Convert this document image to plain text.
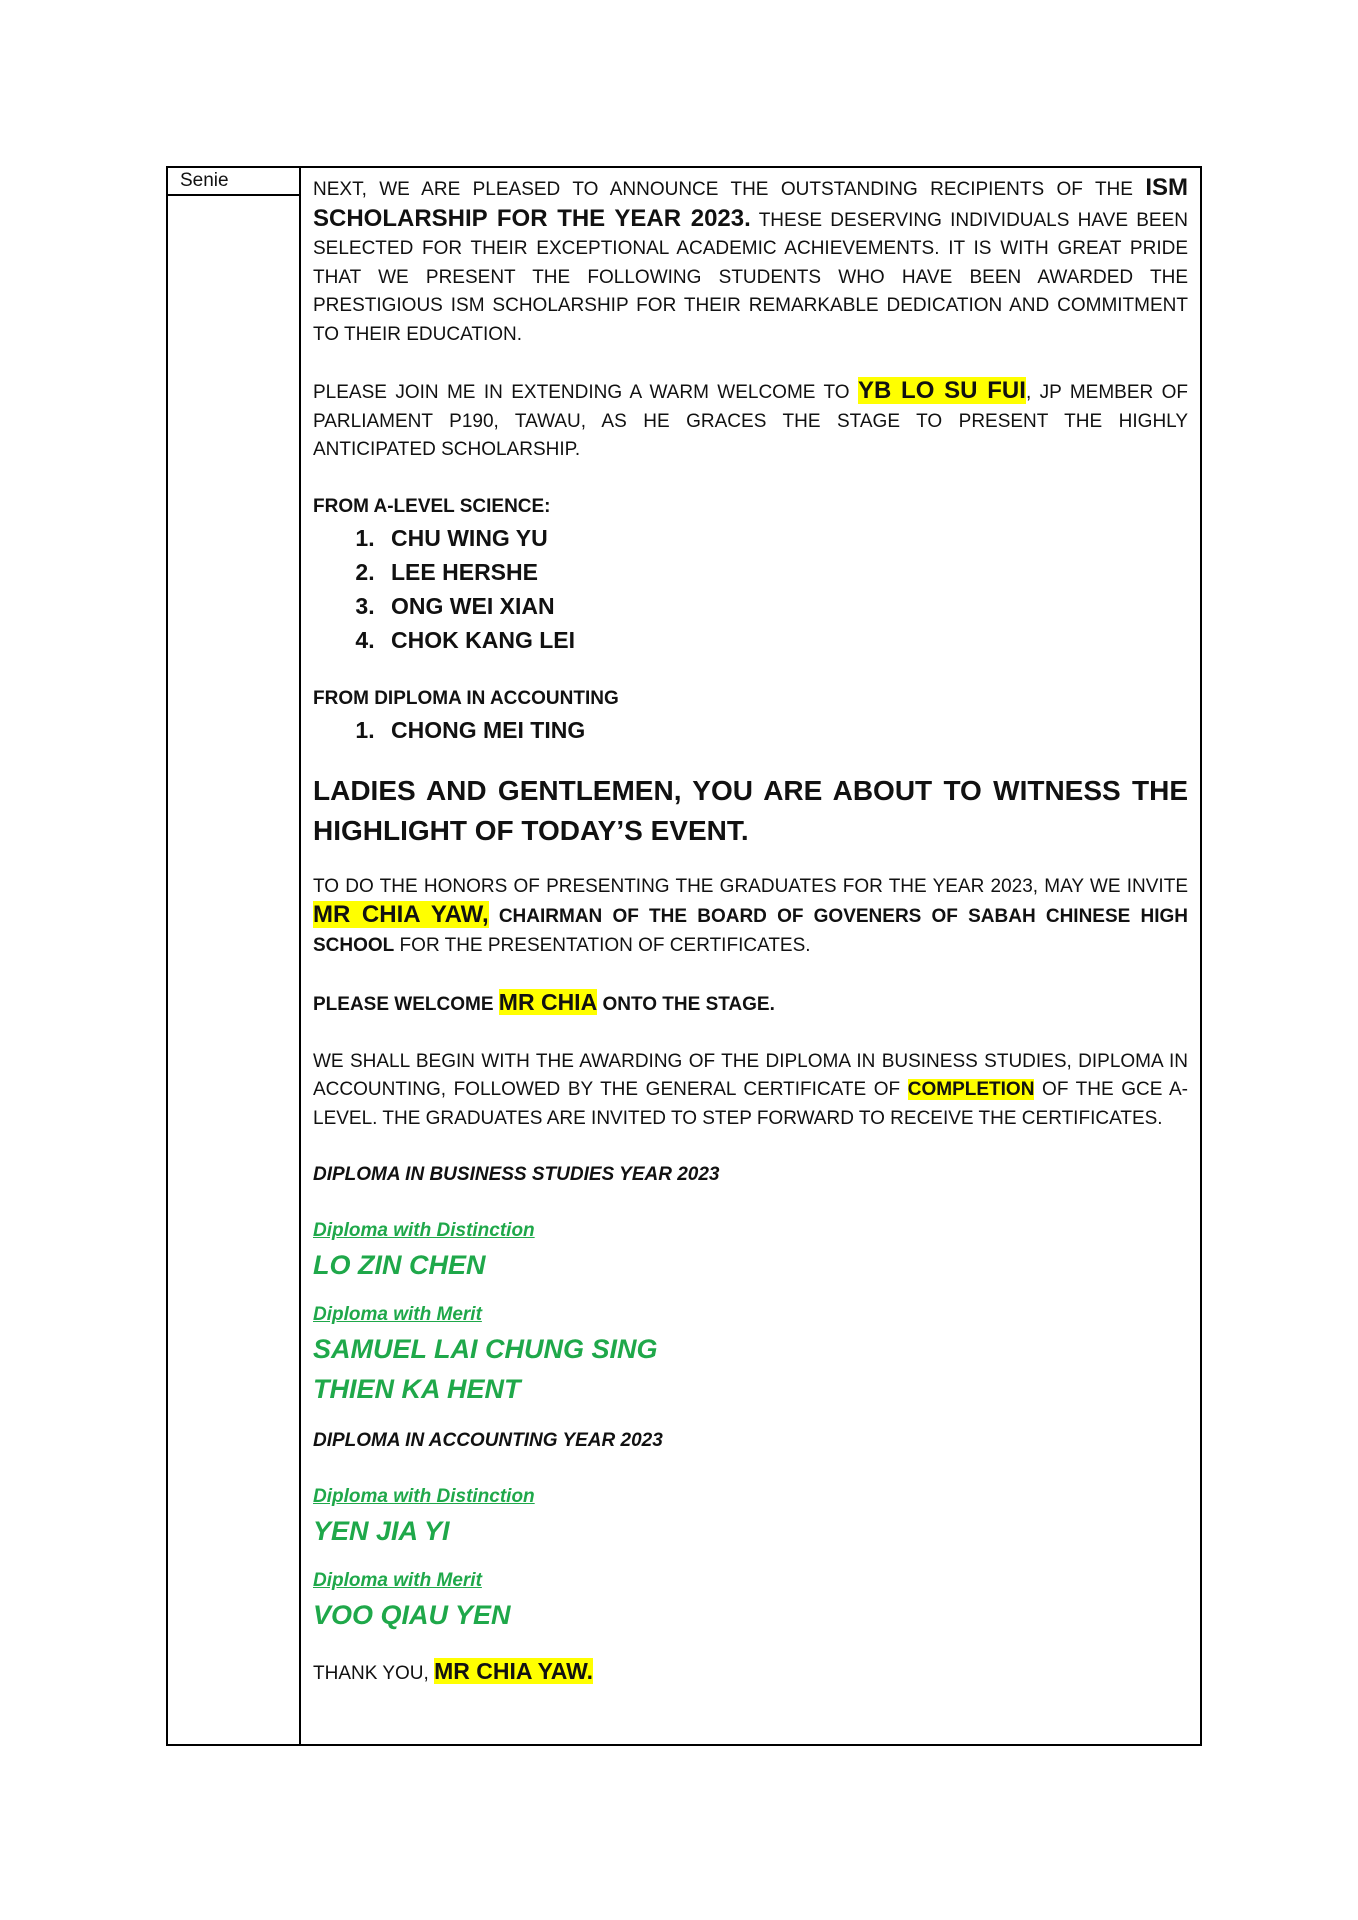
Senie	NEXT, WE ARE PLEASED TO ANNOUNCE THE OUTSTANDING RECIPIENTS OF THE ISM SCHOLARSHIP FOR THE YEAR 2023. THESE DESERVING INDIVIDUALS HAVE BEEN SELECTED FOR THEIR EXCEPTIONAL ACADEMIC ACHIEVEMENTS. IT IS WITH GREAT PRIDE THAT WE PRESENT THE FOLLOWING STUDENTS WHO HAVE BEEN AWARDED THE PRESTIGIOUS ISM SCHOLARSHIP FOR THEIR REMARKABLE DEDICATION AND COMMITMENT TO THEIR EDUCATION.

PLEASE JOIN ME IN EXTENDING A WARM WELCOME TO YB LO SU FUI, JP MEMBER OF PARLIAMENT P190, TAWAU, AS HE GRACES THE STAGE TO PRESENT THE HIGHLY ANTICIPATED SCHOLARSHIP.

FROM A-LEVEL SCIENCE:
1. CHU WING YU
2. LEE HERSHE
3. ONG WEI XIAN
4. CHOK KANG LEI
FROM DIPLOMA IN ACCOUNTING
1. CHONG MEI TING
LADIES AND GENTLEMEN, YOU ARE ABOUT TO WITNESS THE HIGHLIGHT OF TODAY’S EVENT.

TO DO THE HONORS OF PRESENTING THE GRADUATES FOR THE YEAR 2023, MAY WE INVITE MR CHIA YAW, CHAIRMAN OF THE BOARD OF GOVENERS OF SABAH CHINESE HIGH SCHOOL FOR THE PRESENTATION OF CERTIFICATES.

PLEASE WELCOME MR CHIA ONTO THE STAGE.

WE SHALL BEGIN WITH THE AWARDING OF THE DIPLOMA IN BUSINESS STUDIES, DIPLOMA IN ACCOUNTING, FOLLOWED BY THE GENERAL CERTIFICATE OF COMPLETION OF THE GCE A-LEVEL. THE GRADUATES ARE INVITED TO STEP FORWARD TO RECEIVE THE CERTIFICATES.

DIPLOMA IN BUSINESS STUDIES YEAR 2023
Diploma with Distinction
LO ZIN CHEN
Diploma with Merit
SAMUEL LAI CHUNG SING
THIEN KA HENT
DIPLOMA IN ACCOUNTING YEAR 2023
Diploma with Distinction
YEN JIA YI
Diploma with Merit
VOO QIAU YEN

THANK YOU, MR CHIA YAW.
